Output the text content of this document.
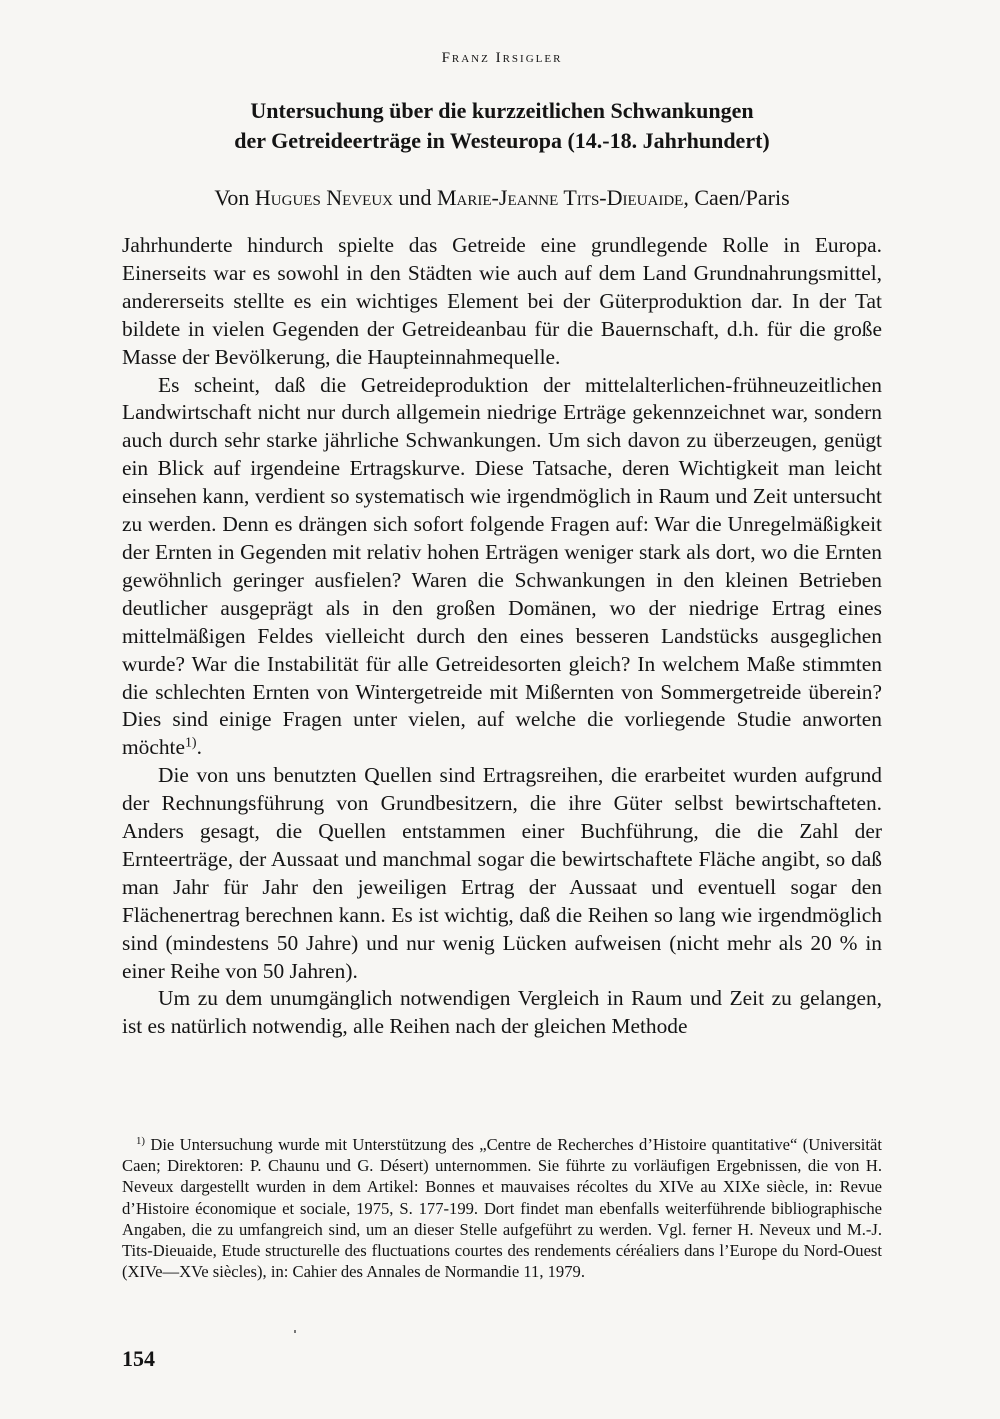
Franz Irsigler
Untersuchung über die kurzzeitlichen Schwankungen
der Getreideerträge in Westeuropa (14.-18. Jahrhundert)
Von Hugues Neveux und Marie-Jeanne Tits-Dieuaide, Caen/Paris

Jahrhunderte hindurch spielte das Getreide eine grundlegende Rolle in Europa. Einerseits war es sowohl in den Städten wie auch auf dem Land Grundnahrungsmittel, andererseits stellte es ein wichtiges Element bei der Güterproduktion dar. In der Tat bildete in vielen Gegenden der Getreideanbau für die Bauernschaft, d.h. für die große Masse der Bevölkerung, die Haupteinnahmequelle.

Es scheint, daß die Getreideproduktion der mittelalterlichen-frühneuzeitlichen Landwirtschaft nicht nur durch allgemein niedrige Erträge gekennzeichnet war, sondern auch durch sehr starke jährliche Schwankungen. Um sich davon zu überzeugen, genügt ein Blick auf irgendeine Ertragskurve. Diese Tatsache, deren Wichtigkeit man leicht einsehen kann, verdient so systematisch wie irgendmöglich in Raum und Zeit untersucht zu werden. Denn es drängen sich sofort folgende Fragen auf: War die Unregelmäßigkeit der Ernten in Gegenden mit relativ hohen Erträgen weniger stark als dort, wo die Ernten gewöhnlich geringer ausfielen? Waren die Schwankungen in den kleinen Betrieben deutlicher ausgeprägt als in den großen Domänen, wo der niedrige Ertrag eines mittelmäßigen Feldes vielleicht durch den eines besseren Landstücks ausgeglichen wurde? War die Instabilität für alle Getreidesorten gleich? In welchem Maße stimmten die schlechten Ernten von Wintergetreide mit Mißernten von Sommergetreide überein? Dies sind einige Fragen unter vielen, auf welche die vorliegende Studie anworten möchte$^{1)}$.

Die von uns benutzten Quellen sind Ertragsreihen, die erarbeitet wurden aufgrund der Rechnungsführung von Grundbesitzern, die ihre Güter selbst bewirtschafteten. Anders gesagt, die Quellen entstammen einer Buchführung, die die Zahl der Ernteerträge, der Aussaat und manchmal sogar die bewirtschaftete Fläche angibt, so daß man Jahr für Jahr den jeweiligen Ertrag der Aussaat und eventuell sogar den Flächenertrag berechnen kann. Es ist wichtig, daß die Reihen so lang wie irgendmöglich sind (mindestens 50 Jahre) und nur wenig Lücken aufweisen (nicht mehr als 20 % in einer Reihe von 50 Jahren).

Um zu dem unumgänglich notwendigen Vergleich in Raum und Zeit zu gelangen, ist es natürlich notwendig, alle Reihen nach der gleichen Methode

$^{1)}$ Die Untersuchung wurde mit Unterstützung des „Centre de Recherches d’Histoire quantitative“ (Universität Caen; Direktoren: P. Chaunu und G. Désert) unternommen. Sie führte zu vorläufigen Ergebnissen, die von H. Neveux dargestellt wurden in dem Artikel: Bonnes et mauvaises récoltes du XIVe au XIXe siècle, in: Revue d’Histoire économique et sociale, 1975, S. 177-199. Dort findet man ebenfalls weiterführende bibliographische Angaben, die zu umfangreich sind, um an dieser Stelle aufgeführt zu werden. Vgl. ferner H. Neveux und M.-J. Tits-Dieuaide, Etude structurelle des fluctuations courtes des rendements céréaliers dans l’Europe du Nord-Ouest (XIVe—XVe siècles), in: Cahier des Annales de Normandie 11, 1979.

154
